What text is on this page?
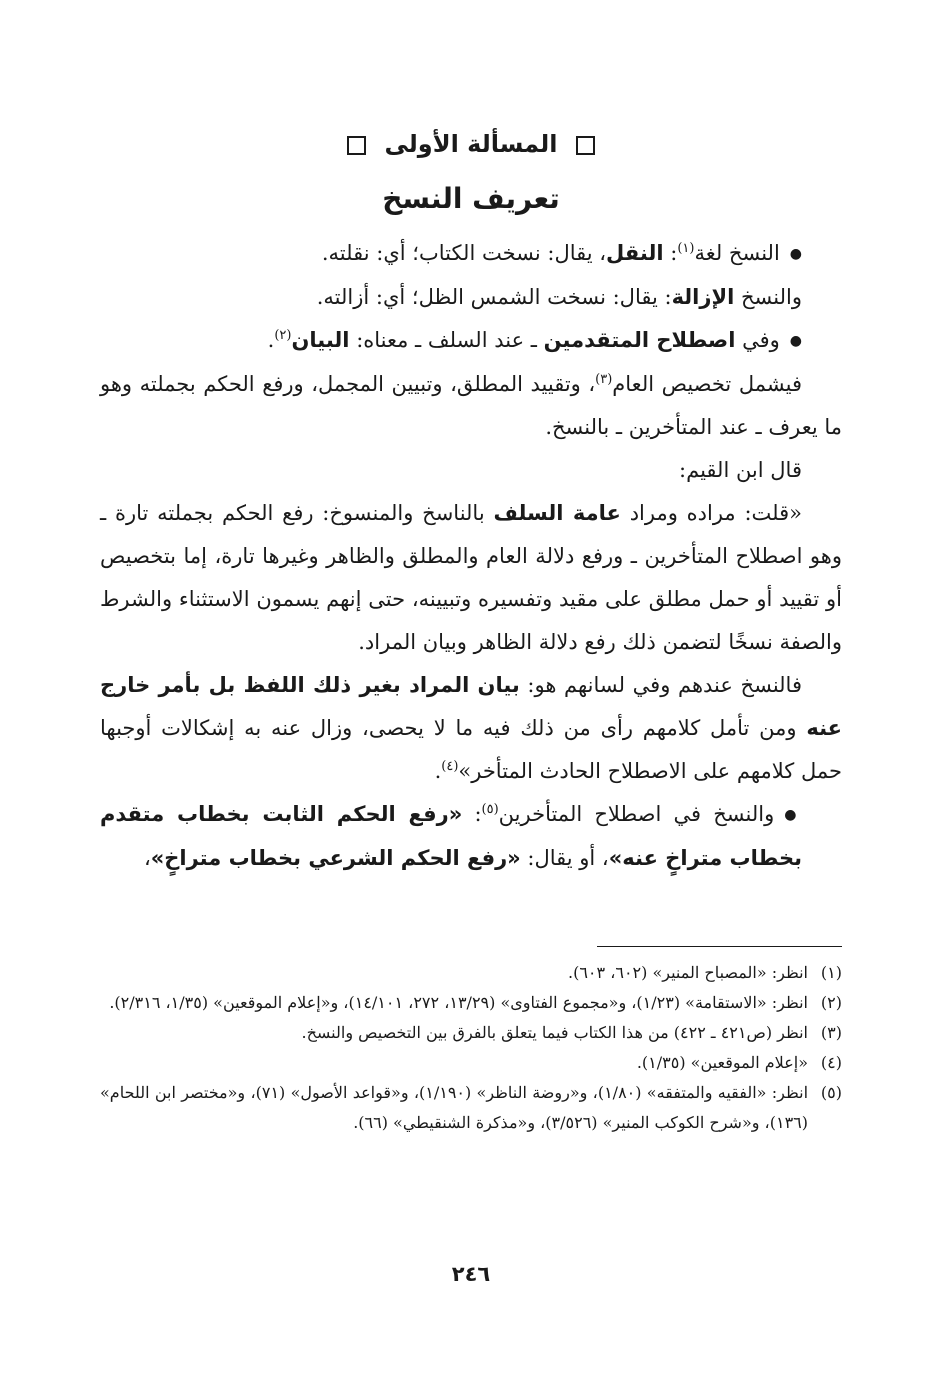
المسألة الأولى
تعريف النسخ

● النسخ لغة$^{(١)}$: النقل، يقال: نسخت الكتاب؛ أي: نقلته.

والنسخ الإزالة: يقال: نسخت الشمس الظل؛ أي: أزالته.

● وفي اصطلاح المتقدمين ـ عند السلف ـ معناه: البيان$^{(٢)}$.

فيشمل تخصيص العام$^{(٣)}$، وتقييد المطلق، وتبيين المجمل، ورفع الحكم بجملته وهو ما يعرف ـ عند المتأخرين ـ بالنسخ.

قال ابن القيم:

«قلت: مراده ومراد عامة السلف بالناسخ والمنسوخ: رفع الحكم بجملته تارة ـ وهو اصطلاح المتأخرين ـ ورفع دلالة العام والمطلق والظاهر وغيرها تارة، إما بتخصيص أو تقييد أو حمل مطلق على مقيد وتفسيره وتبيينه، حتى إنهم يسمون الاستثناء والشرط والصفة نسخًا لتضمن ذلك رفع دلالة الظاهر وبيان المراد.

فالنسخ عندهم وفي لسانهم هو: بيان المراد بغير ذلك اللفظ بل بأمر خارج عنه ومن تأمل كلامهم رأى من ذلك فيه ما لا يحصى، وزال عنه به إشكالات أوجبها حمل كلامهم على الاصطلاح الحادث المتأخر»$^{(٤)}$.

● والنسخ في اصطلاح المتأخرين$^{(٥)}$: «رفع الحكم الثابت بخطاب متقدم بخطاب متراخٍ عنه»، أو يقال: «رفع الحكم الشرعي بخطاب متراخٍ»،

(١)
انظر: «المصباح المنير» (٦٠٢، ٦٠٣).
(٢)
انظر: «الاستقامة» (١/٢٣)، و«مجموع الفتاوى» (١٣/٢٩، ٢٧٢، ١٤/١٠١)، و«إعلام الموقعين» (١/٣٥، ٢/٣١٦).
(٣)
انظر (ص٤٢١ ـ ٤٢٢) من هذا الكتاب فيما يتعلق بالفرق بين التخصيص والنسخ.
(٤)
«إعلام الموقعين» (١/٣٥).
(٥)
انظر: «الفقيه والمتفقه» (١/٨٠)، و«روضة الناظر» (١/١٩٠)، و«قواعد الأصول» (٧١)، و«مختصر ابن اللحام» (١٣٦)، و«شرح الكوكب المنير» (٣/٥٢٦)، و«مذكرة الشنقيطي» (٦٦).
٢٤٦
